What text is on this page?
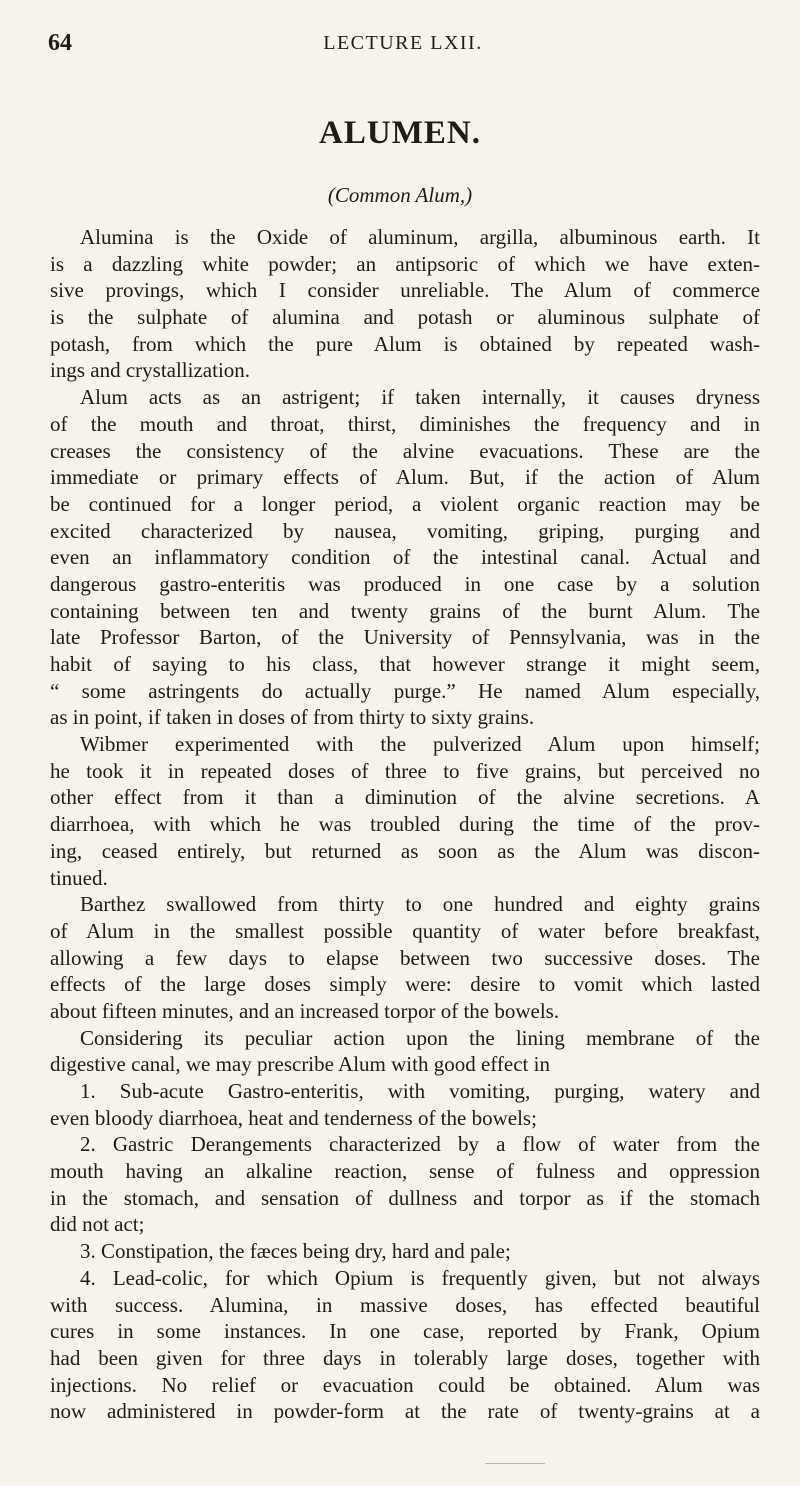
64	LECTURE LXII.
ALUMEN.
(Common Alum,)
Alumina is the Oxide of aluminum, argilla, albuminous earth. It
is a dazzling white powder; an antipsoric of which we have exten-
sive provings, which I consider unreliable. The Alum of commerce
is the sulphate of alumina and potash or aluminous sulphate of
potash, from which the pure Alum is obtained by repeated wash-
ings and crystallization.
Alum acts as an astrigent; if taken internally, it causes dryness
of the mouth and throat, thirst, diminishes the frequency and in
creases the consistency of the alvine evacuations. These are the
immediate or primary effects of Alum. But, if the action of Alum
be continued for a longer period, a violent organic reaction may be
excited characterized by nausea, vomiting, griping, purging and
even an inflammatory condition of the intestinal canal. Actual and
dangerous gastro-enteritis was produced in one case by a solution
containing between ten and twenty grains of the burnt Alum. The
late Professor Barton, of the University of Pennsylvania, was in the
habit of saying to his class, that however strange it might seem,
“ some astringents do actually purge.” He named Alum especially,
as in point, if taken in doses of from thirty to sixty grains.
Wibmer experimented with the pulverized Alum upon himself;
he took it in repeated doses of three to five grains, but perceived no
other effect from it than a diminution of the alvine secretions. A
diarrhoea, with which he was troubled during the time of the prov-
ing, ceased entirely, but returned as soon as the Alum was discon-
tinued.
Barthez swallowed from thirty to one hundred and eighty grains
of Alum in the smallest possible quantity of water before breakfast,
allowing a few days to elapse between two successive doses. The
effects of the large doses simply were: desire to vomit which lasted
about fifteen minutes, and an increased torpor of the bowels.
Considering its peculiar action upon the lining membrane of the
digestive canal, we may prescribe Alum with good effect in
1. Sub-acute Gastro-enteritis, with vomiting, purging, watery and
even bloody diarrhoea, heat and tenderness of the bowels;
2. Gastric Derangements characterized by a flow of water from the
mouth having an alkaline reaction, sense of fulness and oppression
in the stomach, and sensation of dullness and torpor as if the stomach
did not act;
3. Constipation, the fæces being dry, hard and pale;
4. Lead-colic, for which Opium is frequently given, but not always
with success. Alumina, in massive doses, has effected beautiful
cures in some instances. In one case, reported by Frank, Opium
had been given for three days in tolerably large doses, together with
injections. No relief or evacuation could be obtained. Alum was
now administered in powder-form at the rate of twenty-grains at a
